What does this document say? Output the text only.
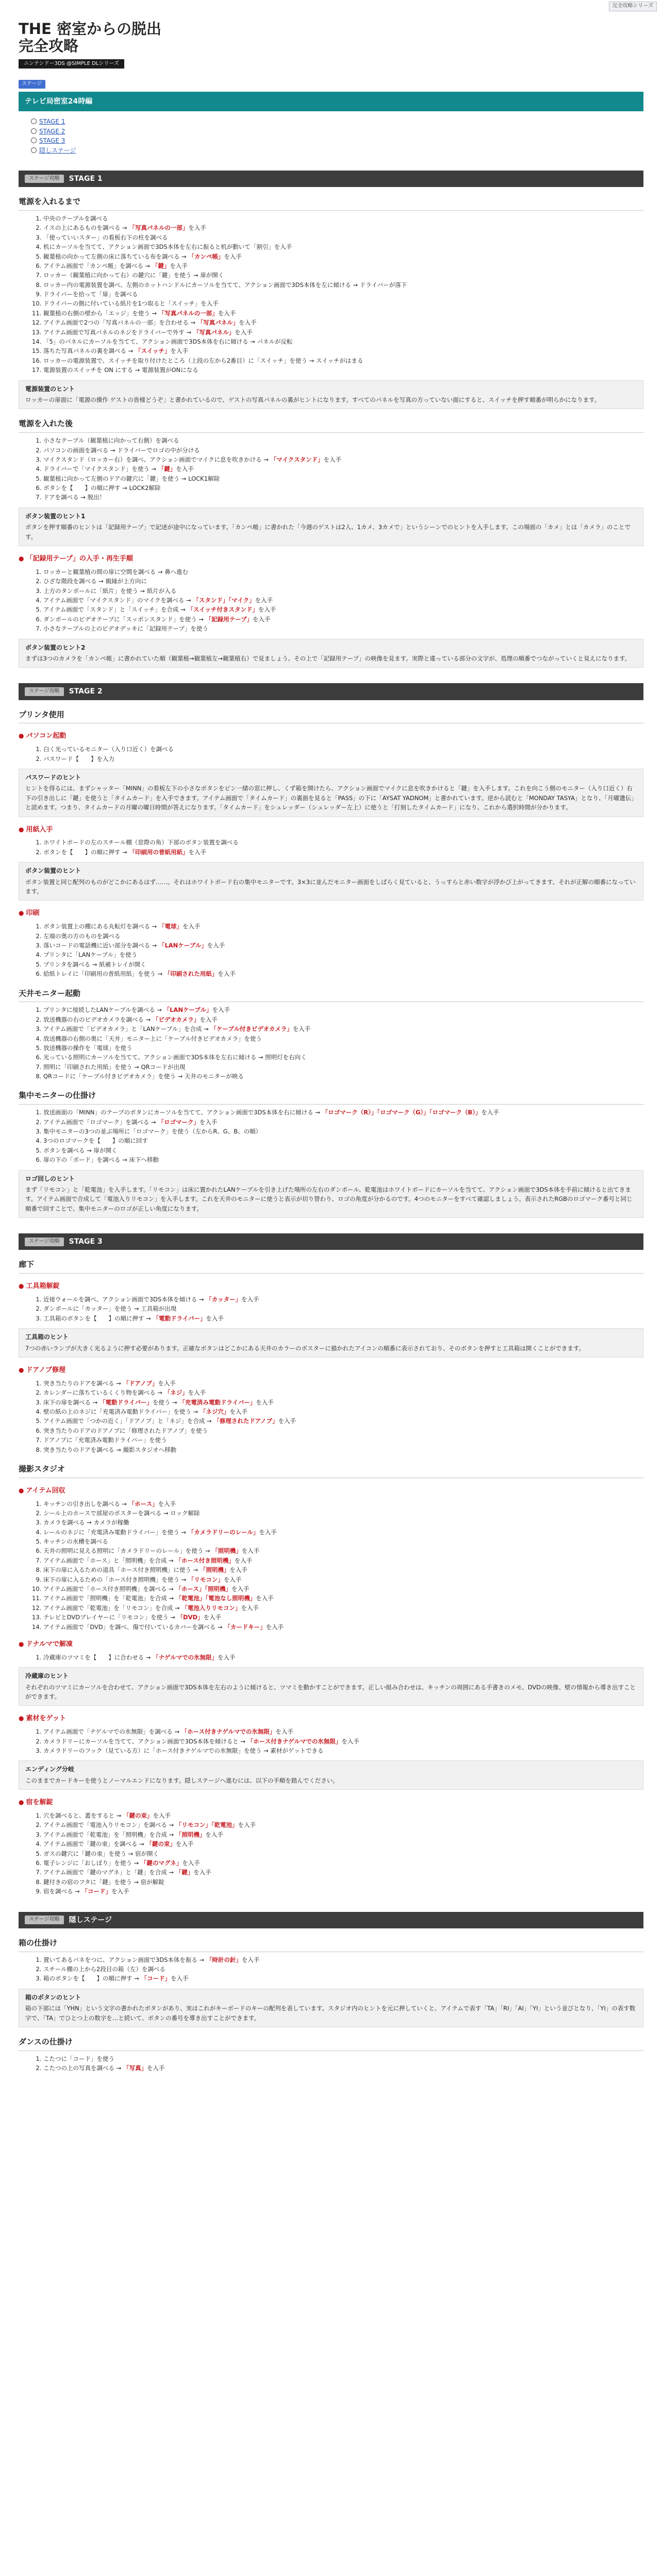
完全攻略シリーズ
THE 密室からの脱出
完全攻略
ニンテンドー3DS @SIMPLE DLシリーズ
ステージ
テレビ局密室24時編
STAGE 1
STAGE 2
STAGE 3
隠しステージ
ステージ攻略	STAGE 1
電源を入れるまで
1. 中央のテーブルを調べる
2. イスの上にあるものを調べる → 「写真パネルの一部」を入手
3. 「使っていいスター」の看板右下の柱を調べる
4. 机にカーソルを当てて、アクション画面で3DS本体を左右に振ると机が動いて「割引」を入手
5. 観葉植の向かって左側の床に落ちている布を調べる → 「カンペ帳」を入手
6. アイテム画面で「カンペ帳」を調べる → 「鍵」を入手
7. ロッカー（観葉植に向かって右）の鍵穴に「鍵」を使う → 扉が開く
8. ロッカー内の電源装置を調べ、左側のホットハンドルにカーソルを当てて、アクション画面で3DS本体を左に傾ける → ドライバーが落下
9. ドライバーを拾って「扉」を調べる
10. ドライバーの側に付いている紙片を1つ取ると「スイッチ」を入手
11. 観葉植の右側の壁から「エッジ」を使う → 「写真パネルの一部」を入手
12. アイテム画面で2つの「写真パネルの一部」を合わせる → 「写真パネル」を入手
13. アイテム画面で写真パネルのネジをドライバーで外す → 「写真パネル」を入手
14. 「5」のパネルにカーソルを当てて、アクション画面で3DS本体を右に傾ける → パネルが反転
15. 落ちた写真パネルの裏を調べる → 「スイッチ」を入手
16. ロッカーの電源装置で、スイッチを取り付けたところ（上段の左から2番目）に「スイッチ」を使う → スイッチがはまる
17. 電源装置のスイッチを ON にする → 電源装置がONになる
電源装置のヒント

ロッカーの扉面に「電源の操作 ゲストの皆様どうぞ」と書かれているので、ゲストの写真パネルの裏がヒントになります。すべてのパネルを写真の方っていない面にすると、スイッチを押す順番が明らかになります。

電源を入れた後
1. 小さなテーブル（観葉植に向かって右側）を調べる
2. パソコンの画面を調べる → ドライバーでロゴの中が分ける
3. マイクスタンド（ロッカー右）を調べ、アクション画面でマイクに息を吹きかける → 「マイクスタンド」を入手
4. ドライバーで「マイクスタンド」を使う → 「鍵」を入手
5. 観葉植に向かって左側のドアの鍵穴に「鍵」を使う → LOCK1解除
6. ボタンを【　　】の順に押す → LOCK2解除
7. ドアを調べる → 脱出！
ボタン装置のヒント1

ボタンを押す順番のヒントは「記録用テープ」で記述が途中になっています。「カンペ帳」に書かれた「今週のゲストは2人、1カメ、3カメで」というシーンでのヒントを入手します。この場面の「カメ」とは「カメラ」のことです。

● 「記録用テープ」の入手・再生手順
1. ロッカーと観葉植の間の扉に空間を調べる → 鼻へ進む
2. ひざな階段を調べる → 親縁が上方向に
3. 上方のタンボールに「紙片」を使う → 紙片が入る
4. アイテム画面で「マイクスタンド」のマイクを調べる → 「スタンド」「マイク」を入手
5. アイテム画面で「スタンド」と「スイッチ」を合成 → 「スイッチ付きスタンド」を入手
6. ダンボールのビデオテープに「スッポンスタンド」を使う → 「記録用テープ」を入手
7. 小さなテーブルの上のビデオデッキに「記録用テープ」を使う
ボタン装置のヒント2

まずは3つのカメラを「カンペ帳」に書かれていた順（観葉植→観葉植左→観葉植右）で見ましょう。その上で「記録用テープ」の映像を見ます。実際と違っている部分の文字が、処理の順番でつながっていくと見えになります。

ステージ攻略	STAGE 2
プリンタ使用
● パソコン起動
1. 白く光っているモニター（入り口近く）を調べる
2. パスワード【　　】を入力
パスワードのヒント

ヒントを得るには、まずシャッター「MINN」の看板左下の小さなボタンをピン一緒の窓に押し、くず箱を開けたら、アクション画面でマイクに息を吹きかけると「鍵」を入手します。これを向こう側のモニター（入り口近く）右下の引き出しに「鍵」を使うと「タイムカード」を入手できます。アイテム画面で「タイムカード」の裏面を見ると「PASS」の下に「AYSAT YADNOM」と書かれています。逆から読むと「MONDAY TASYA」となり、「月曜遺伝」と読めます。つまり、タイムカードの月曜の曜日時間が答えになります。「タイムカード」をシュレッダー（シュレッダー左上）に使うと「打刻したタイムカード」になり、これから選択時間が分かります。

● 用紙入手
1. ホワイトボードの左のスチール棚（窓際の角）下部のボタン装置を調べる
2. ボタンを【　　】の順に押す → 「印刷用の普紙用紙」を入手
ボタン装置のヒント

ボタン装置と同じ配列のものがどこかにあるはず……。それはホワイトボード右の集中モニターです。3×3に並んだモニター画面をしばらく見ていると、うっすらと赤い数字が浮かび上がってきます。それが正解の順番になっています。

● 印刷
1. ボタン装置上の棚にある丸転灯を調べる → 「電球」を入手
2. 左端の奥の方のものを調べる
3. 落いコードの電話機に近い部分を調べる → 「LANケーブル」を入手
4. プリンタに「LANケーブル」を使う
5. プリンタを調べる → 紙補トレイが開く
6. 給紙トレイに「印刷用の普紙用紙」を使う → 「印刷された用紙」を入手
天井モニター起動
1. プリンタに接続したLANケーブルを調べる → 「LANケーブル」を入手
2. 放送機器の右のビデオカメラを調べる → 「ビデオカメラ」を入手
3. アイテム画面で「ビデオカメラ」と「LANケーブル」を合成 → 「ケーブル付きビデオカメラ」を入手
4. 放送機器の右側の奥に「天井」モニター上に「ケーブル付きビデオカメラ」を使う
5. 放送機器の操作を「電球」を使う
6. 光っている照明にカーソルを当てて、アクション画面で3DS本体を左右に傾ける → 照明灯を右向く
7. 照明に「印刷された用紙」を使う → QRコードが出現
8. QRコードに「ケーブル付きビデオカメラ」を使う → 天井のモニターが映る
集中モニターの仕掛け
1. 放送画面の「MINN」のテープのボタンにカーソルを当てて、アクション画面で3DS本体を右に傾ける → 「ロゴマーク（R）」「ロゴマーク（G）」「ロゴマーク（B）」を入手
2. アイテム画面で「ロゴマーク」を調べる → 「ロゴマーク」を入手
3. 集中モニターの3つの並ぶ場所に「ロゴマーク」を使う（左からR、G、B、の順）
4. 3つのロゴマークを【　　】の順に回す
5. ボタンを調べる → 扉が開く
6. 扉の下の「ボード」を調べる → 床下へ移動
ロゴ回しのヒント

まず「リモコン」と「乾電池」を入手します。「リモコン」は床に置かれたLANケーブルを引き上げた場所の左右のダンボール、乾電池はホワイトボードにカーソルを当てて、アクション画面で3DS本体を手前に傾けると出てきます。アイテム画面で合成して「電池入りリモコン」を入手します。これを天井のモニターに使うと表示が切り替わり、ロゴの角度が分かるのです。4つのモニターをすべて確認しましょう。表示されたRGBのロゴマーク番号と同じ順番で回すことで、集中モニターのロゴが正しい角度になります。

ステージ攻略	STAGE 3
廊下
● 工具箱解錠
1. 近接ウォールを調べ、アクション画面で3DS本体を傾ける → 「カッター」を入手
2. ダンボールに「カッター」を使う → 工具箱が出現
3. 工具箱のボタンを【　　】の順に押す → 「電動ドライバー」を入手
工具箱のヒント

7つの赤いランプが大きく光るように押す必要があります。正確なボタンはどこかにある天井のカラーのポスターに描かれたアイコンの順番に表示されており、そのボタンを押すと工具箱は開くことができます。

● ドアノブ修理
1. 突き当たりのドアを調べる → 「ドアノブ」を入手
2. カレンダーに落ちているくくり物を調べる → 「ネジ」を入手
3. 床下の扉を調べる → 「電動ドライバー」を使う → 「充電済み電動ドライバー」を入手
4. 壁の紙の上のネジに「充電済み電動ドライバー」を使う → 「ネジ穴」を入手
5. アイテム画面で「つかの近く」「ドアノブ」と「ネジ」を合成 → 「修理されたドアノブ」を入手
6. 突き当たりのドアのドアノブに「修理されたドアノブ」を使う
7. ドアノブに「充電済み電動ドライバー」を使う
8. 突き当たりのドアを調べる → 撮影スタジオへ移動
撮影スタジオ
● アイテム回収
1. キッチンの引き出しを調べる → 「ホース」を入手
2. シール上のホースで部屋のポスターを調べる → ロック解除
3. カメラを調べる → カメラが稼働
4. レールのネジに「充電済み電動ドライバー」を使う → 「カメラドリーのレール」を入手
5. キッチンの水槽を調べる
6. 天井の照明に見える照明に「カメラドリーのレール」を使う → 「照明機」を入手
7. アイテム画面で「ホース」と「照明機」を合成 → 「ホース付き照明機」を入手
8. 床下の扉に入るための道具「ホース付き照明機」に使う → 「照明機」を入手
9. 床下の扉に入るための「ホース付き照明機」を使う → 「リモコン」を入手
10. アイテム画面で「ホース付き照明機」を調べる → 「ホース」「照明機」を入手
11. アイテム画面で「照明機」を「乾電池」を合成 → 「乾電池」「電池なし照明機」を入手
12. アイテム画面で「乾電池」を「リモコン」を合成 → 「電池入りリモコン」を入手
13. テレビとDVDプレイヤーに「リモコン」を使う → 「DVD」を入手
14. アイテム画面で「DVD」を調べ、傷で付いているカバーを調べる → 「カードキー」を入手
● ドナルマで解凍
1. 冷蔵庫のツマミを【　　】に合わせる → 「ナゲルマでの氷無限」を入手
冷蔵庫のヒント

それぞれのツマミにカーソルを合わせて、アクション画面で3DS本体を左右のように傾けると、ツマミを動かすことができます。正しい組み合わせは、キッチンの周囲にある手書きのメモ、DVDの映像、壁の情報から導き出すことができます。

● 素材をゲット
1. アイテム画面で「ナゲルマでの氷無限」を調べる → 「ホース付きナゲルマでの氷無限」を入手
2. カメラドリーにカーソルを当てて、アクション画面で3DS本体を傾けると → 「ホース付きナゲルマでの氷無限」を入手
3. カメラドリーのフック（見ている方）に「ホース付きナゲルマでの氷無限」を使う → 素材がゲットできる
エンディング分岐

このままでカードキーを使うとノーマルエンドになります。隠しステージへ進むには、以下の手順を踏んでください。

● 宿を解錠
1. 穴を調べると、蓋をすると → 「鍵の束」を入手
2. アイテム画面で「電池入りリモコン」を調べる → 「リモコン」「乾電池」を入手
3. アイテム画面で「乾電池」を「照明機」を合成 → 「照明機」を入手
4. アイテム画面で「鍵の束」を調べる → 「鍵の束」を入手
5. ガスの鍵穴に「鍵の束」を使う → 宿が開く
6. 電子レンジに「おしぼり」を使う → 「鍵のマグネ」を入手
7. アイテム画面で「鍵のマグネ」と「鍵」を合成 → 「鍵」を入手
8. 鍵付きの宿のフタに「鍵」を使う → 宿が解錠
9. 宿を調べる → 「コード」を入手
ステージ攻略	隠しステージ
箱の仕掛け
1. 置いてあるバネをつに、アクション画面で3DS本体を振る → 「時計の針」を入手
2. スチール棚の上から2段目の箱（左）を調べる
3. 箱のボタンを【　　】の順に押す → 「コード」を入手
箱のボタンのヒント

箱の下部には「YHN」という文字の書かれたボタンがあり、実はこれがキーボードのキーの配列を表しています。スタジオ内のヒントを元に押していくと、アイテムで表す「TA」「RI」「AI」「YI」という並びとなり、「YI」の表す数字で、「TA」でひとつ上の数字を…と続いて、ボタンの番号を導き出すことができます。

ダンスの仕掛け
1. こたつに「コード」を使う
2. こたつの上の写真を調べる → 「写真」を入手
